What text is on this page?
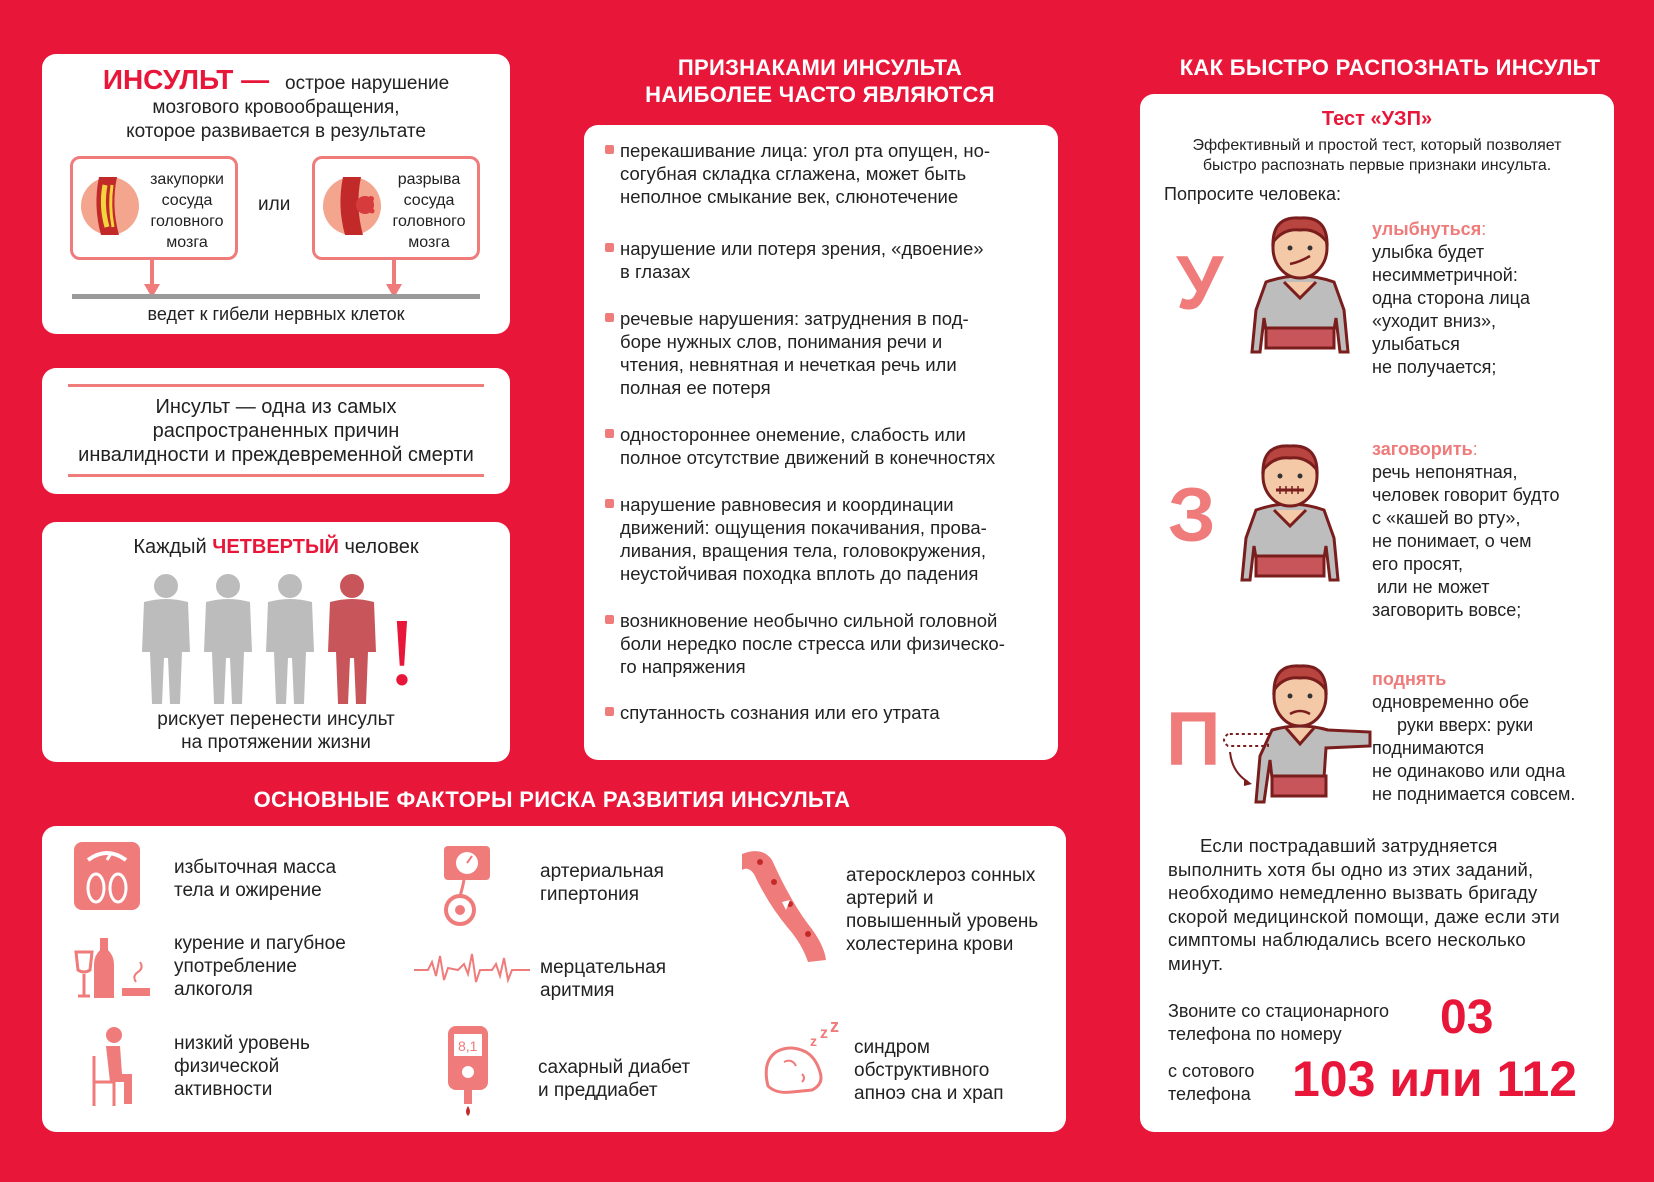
ИНСУЛЬТ — острое нарушение
мозгового кровообращения,
которое развивается в результате
закупорки
сосуда
головного
мозга
или
разрыва
сосуда
головного
мозга
ведет к гибели нервных клеток
Инсульт — одна из самых
распространенных причин
инвалидности и преждевременной смерти
Каждый ЧЕТВЕРТЫЙ человек
!
рискует перенести инсульт
на протяжении жизни
ПРИЗНАКАМИ ИНСУЛЬТА
НАИБОЛЕЕ ЧАСТО ЯВЛЯЮТСЯ
перекашивание лица: угол рта опущен, но-
согубная складка сглажена, может быть
неполное смыкание век, слюнотечение
нарушение или потеря зрения, «двоение»
в глазах
речевые нарушения: затруднения в под-
боре нужных слов, понимания речи и
чтения, невнятная и нечеткая речь или
полная ее потеря
одностороннее онемение, слабость или
полное отсутствие движений в конечностях
нарушение равновесия и координации
движений: ощущения покачивания, прова-
ливания, вращения тела, головокружения,
неустойчивая походка вплоть до падения
возникновение необычно сильной головной
боли нередко после стресса или физическо-
го напряжения
спутанность сознания или его утрата
КАК БЫСТРО РАСПОЗНАТЬ ИНСУЛЬТ
Тест «УЗП»
Эффективный и простой тест, который позволяет
быстро распознать первые признаки инсульта.
Попросите человека:
У
улыбнуться:
улыбка будет
несимметричной:
одна сторона лица
«уходит вниз»,
улыбаться
не получается;
З
заговорить:
речь непонятная,
человек говорит будто
с «кашей во рту»,
не понимает, о чем
его просят,
или не может
заговорить вовсе;
П
поднять
одновременно обе
руки вверх: руки
поднимаются
не одинаково или одна
не поднимается совсем.
Если пострадавший затрудняется
выполнить хотя бы одно из этих заданий,
необходимо немедленно вызвать бригаду
скорой медицинской помощи, даже если эти
симптомы наблюдались всего несколько
минут.
Звоните со стационарного
телефона по номеру	03
с сотового
телефона 103 или 112
ОСНОВНЫЕ ФАКТОРЫ РИСКА РАЗВИТИЯ ИНСУЛЬТА
избыточная масса
тела и ожирение
курение и пагубное
употребление
алкоголя
низкий уровень
физической
активности
артериальная
гипертония
мерцательная
аритмия
8,1
сахарный диабет
и преддиабет
атеросклероз сонных
артерий и
повышенный уровень
холестерина крови
z z z
синдром
обструктивного
апноэ сна и храп
